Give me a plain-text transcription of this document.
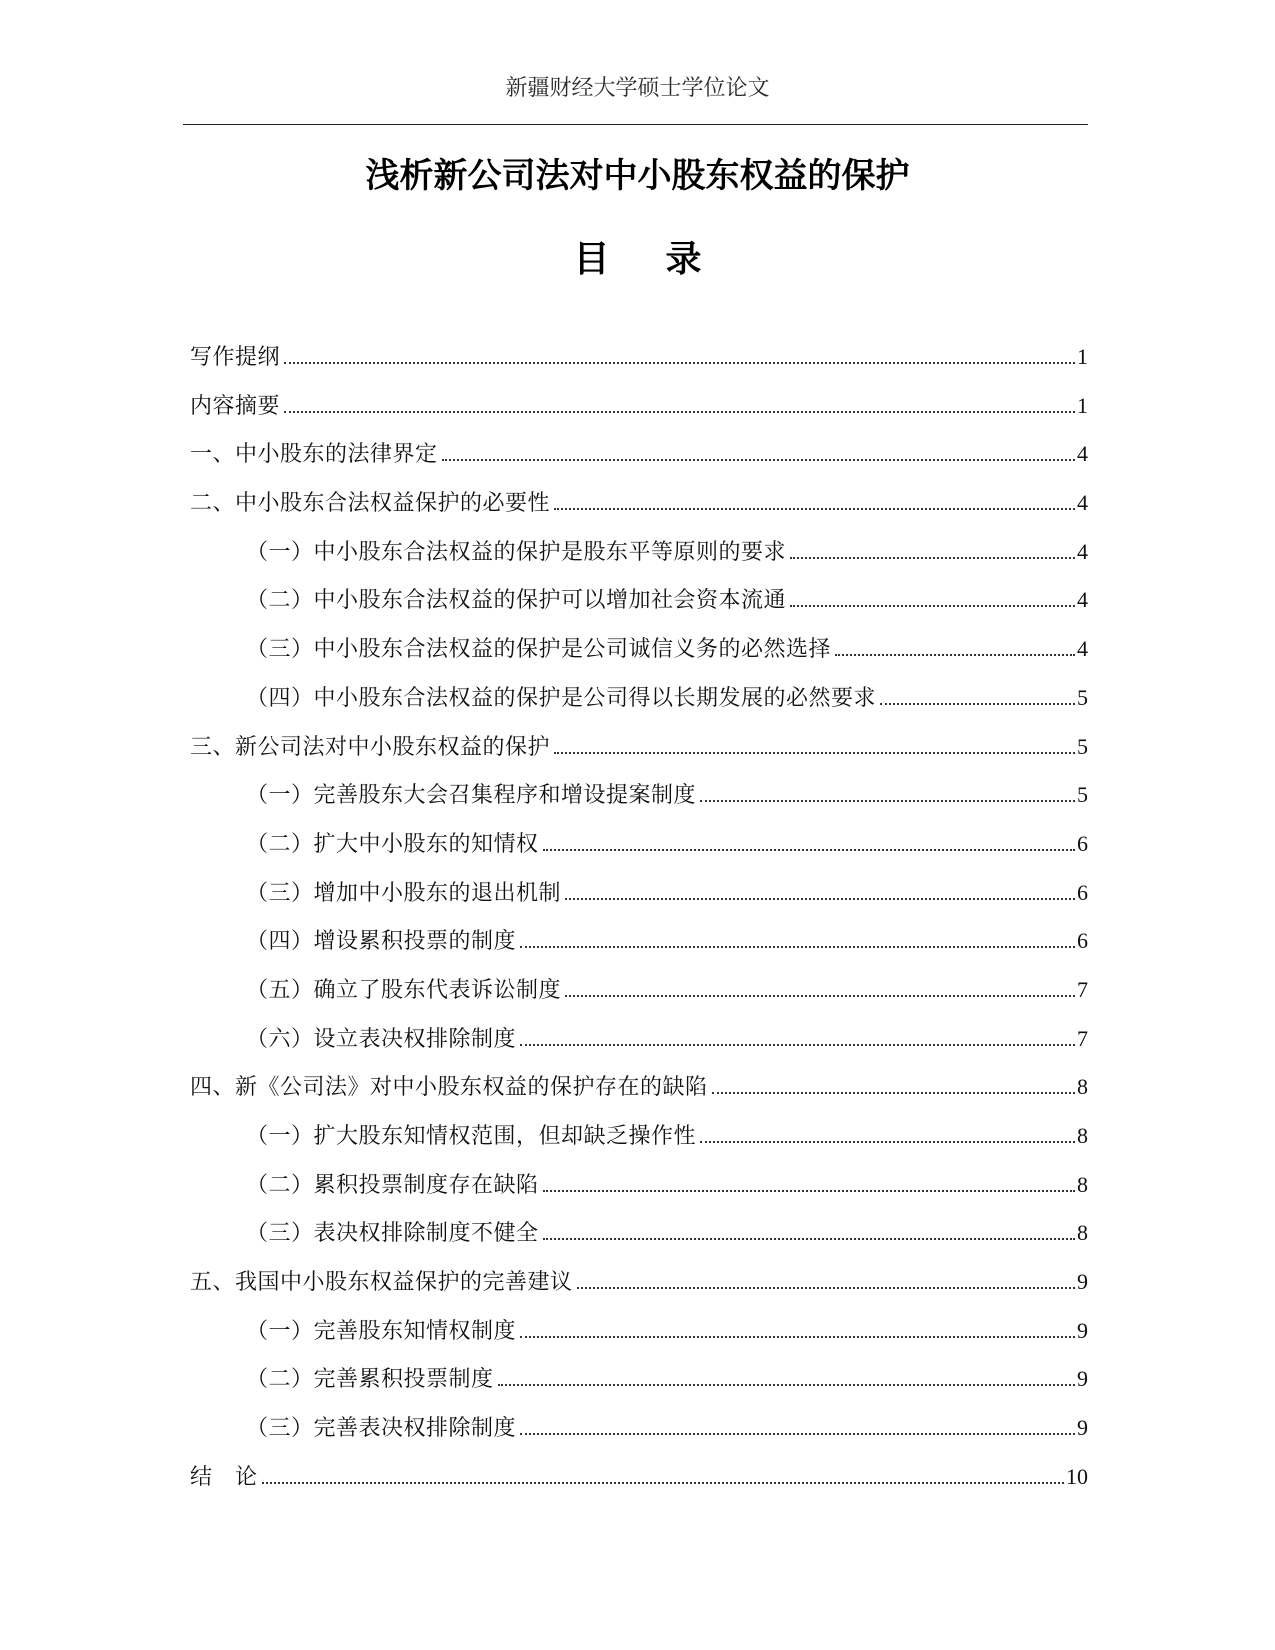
新疆财经大学硕士学位论文
浅析新公司法对中小股东权益的保护
目录
写作提纲	1
内容摘要	1
一、中小股东的法律界定	4
二、中小股东合法权益保护的必要性	4
（一）中小股东合法权益的保护是股东平等原则的要求	4
（二）中小股东合法权益的保护可以增加社会资本流通	4
（三）中小股东合法权益的保护是公司诚信义务的必然选择	4
（四）中小股东合法权益的保护是公司得以长期发展的必然要求	5
三、新公司法对中小股东权益的保护	5
（一）完善股东大会召集程序和增设提案制度	5
（二）扩大中小股东的知情权	6
（三）增加中小股东的退出机制	6
（四）增设累积投票的制度	6
（五）确立了股东代表诉讼制度	7
（六）设立表决权排除制度	7
四、新《公司法》对中小股东权益的保护存在的缺陷	8
（一）扩大股东知情权范围，但却缺乏操作性	8
（二）累积投票制度存在缺陷	8
（三）表决权排除制度不健全	8
五、我国中小股东权益保护的完善建议	9
（一）完善股东知情权制度	9
（二）完善累积投票制度	9
（三）完善表决权排除制度	9
结　论	10
